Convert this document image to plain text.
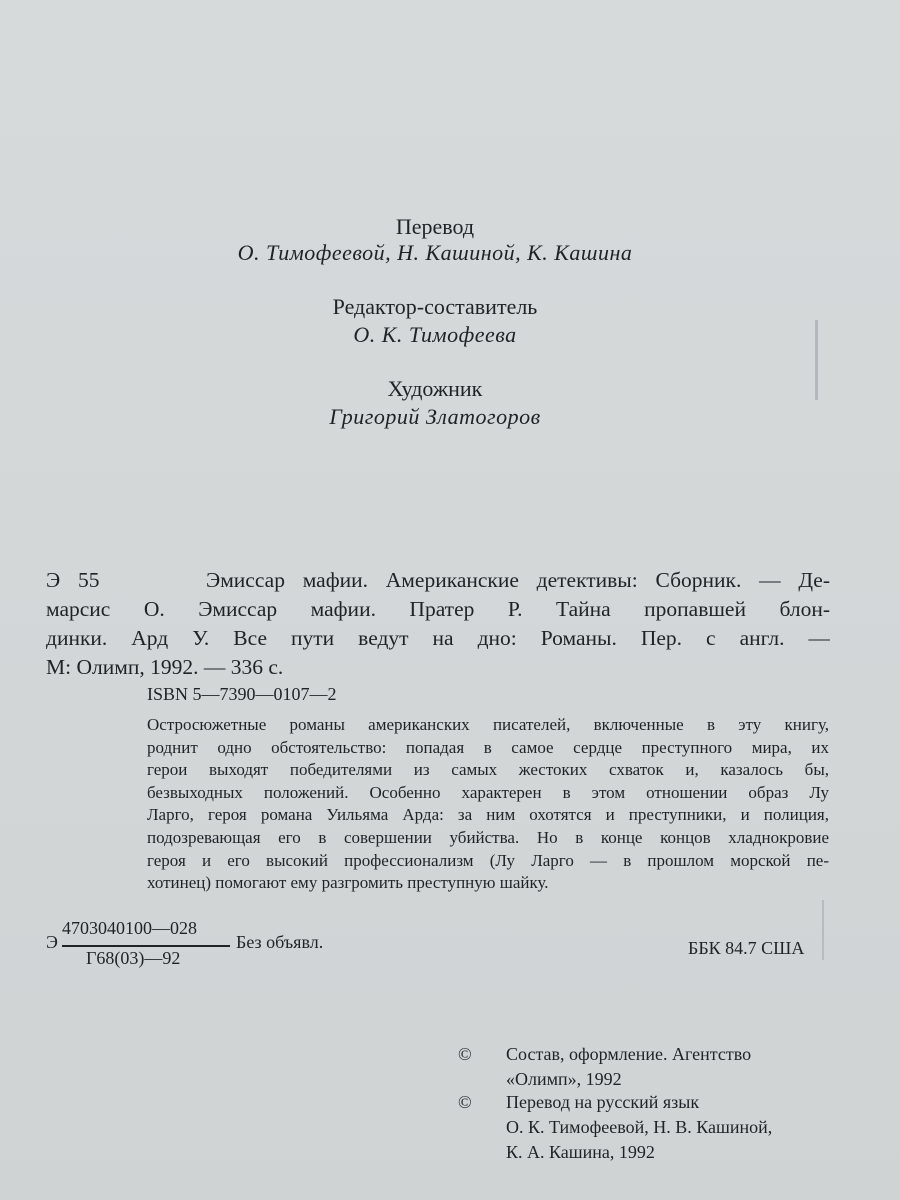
Перевод
О. Тимофеевой, Н. Кашиной, К. Кашина
Редактор-составитель
О. К. Тимофеева
Художник
Григорий Златогоров
Э 55	Эмиссар мафии. Американские детективы: Сборник. — Де-
марсис О. Эмиссар мафии. Пратер Р. Тайна пропавшей блон-
динки. Ард У. Все пути ведут на дно: Романы. Пер. с англ. —
М: Олимп, 1992. — 336 с.
ISBN 5—7390—0107—2
Остросюжетные романы американских писателей, включенные в эту книгу,
роднит одно обстоятельство: попадая в самое сердце преступного мира, их
герои выходят победителями из самых жестоких схваток и, казалось бы,
безвыходных положений. Особенно характерен в этом отношении образ Лу
Ларго, героя романа Уильяма Арда: за ним охотятся и преступники, и полиция,
подозревающая его в совершении убийства. Но в конце концов хладнокровие
героя и его высокий профессионализм (Лу Ларго — в прошлом морской пе-
хотинец) помогают ему разгромить преступную шайку.
Э
4703040100—028
Г68(03)—92
Без объявл.	ББК 84.7 США
© Состав, оформление. Агентство
«Олимп», 1992
© Перевод на русский язык
О. К. Тимофеевой, Н. В. Кашиной,
К. А. Кашина, 1992
